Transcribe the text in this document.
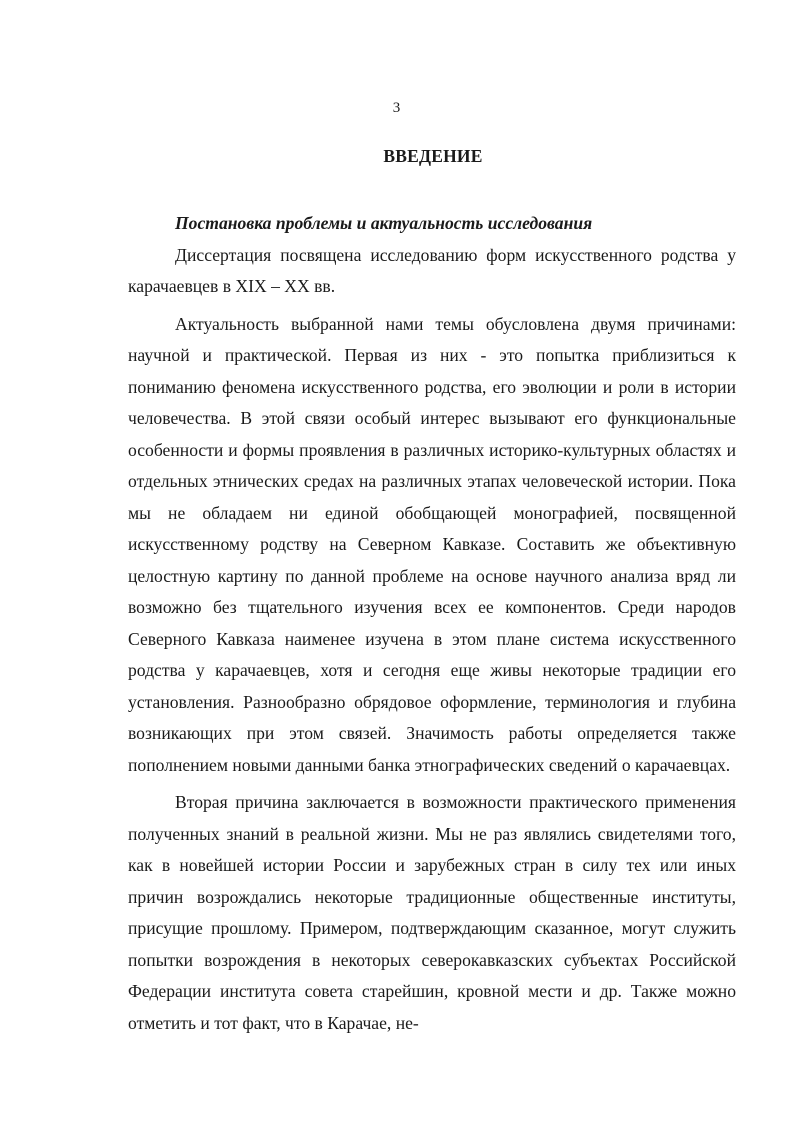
3
ВВЕДЕНИЕ

Постановка проблемы и актуальность исследования

Диссертация посвящена исследованию форм искусственного родства у карачаевцев в XIX – XX вв.

Актуальность выбранной нами темы обусловлена двумя причинами: научной и практической. Первая из них - это попытка приблизиться к пониманию феномена искусственного родства, его эволюции и роли в истории человечества. В этой связи особый интерес вызывают его функциональные особенности и формы проявления в различных историко-культурных областях и отдельных этнических средах на различных этапах человеческой истории. Пока мы не обладаем ни единой обобщающей монографией, посвященной искусственному родству на Северном Кавказе. Составить же объективную целостную картину по данной проблеме на основе научного анализа вряд ли возможно без тщательного изучения всех ее компонентов. Среди народов Северного Кавказа наименее изучена в этом плане система искусственного родства у карачаевцев, хотя и сегодня еще живы некоторые традиции его установления. Разнообразно обрядовое оформление, терминология и глубина возникающих при этом связей. Значимость работы определяется также пополнением новыми данными банка этнографических сведений о карачаевцах.

Вторая причина заключается в возможности практического применения полученных знаний в реальной жизни. Мы не раз являлись свидетелями того, как в новейшей истории России и зарубежных стран в силу тех или иных причин возрождались некоторые традиционные общественные институты, присущие прошлому. Примером, подтверждающим сказанное, могут служить попытки возрождения в некоторых северокавказских субъектах Российской Федерации института совета старейшин, кровной мести и др. Также можно отметить и тот факт, что в Карачае, не-
